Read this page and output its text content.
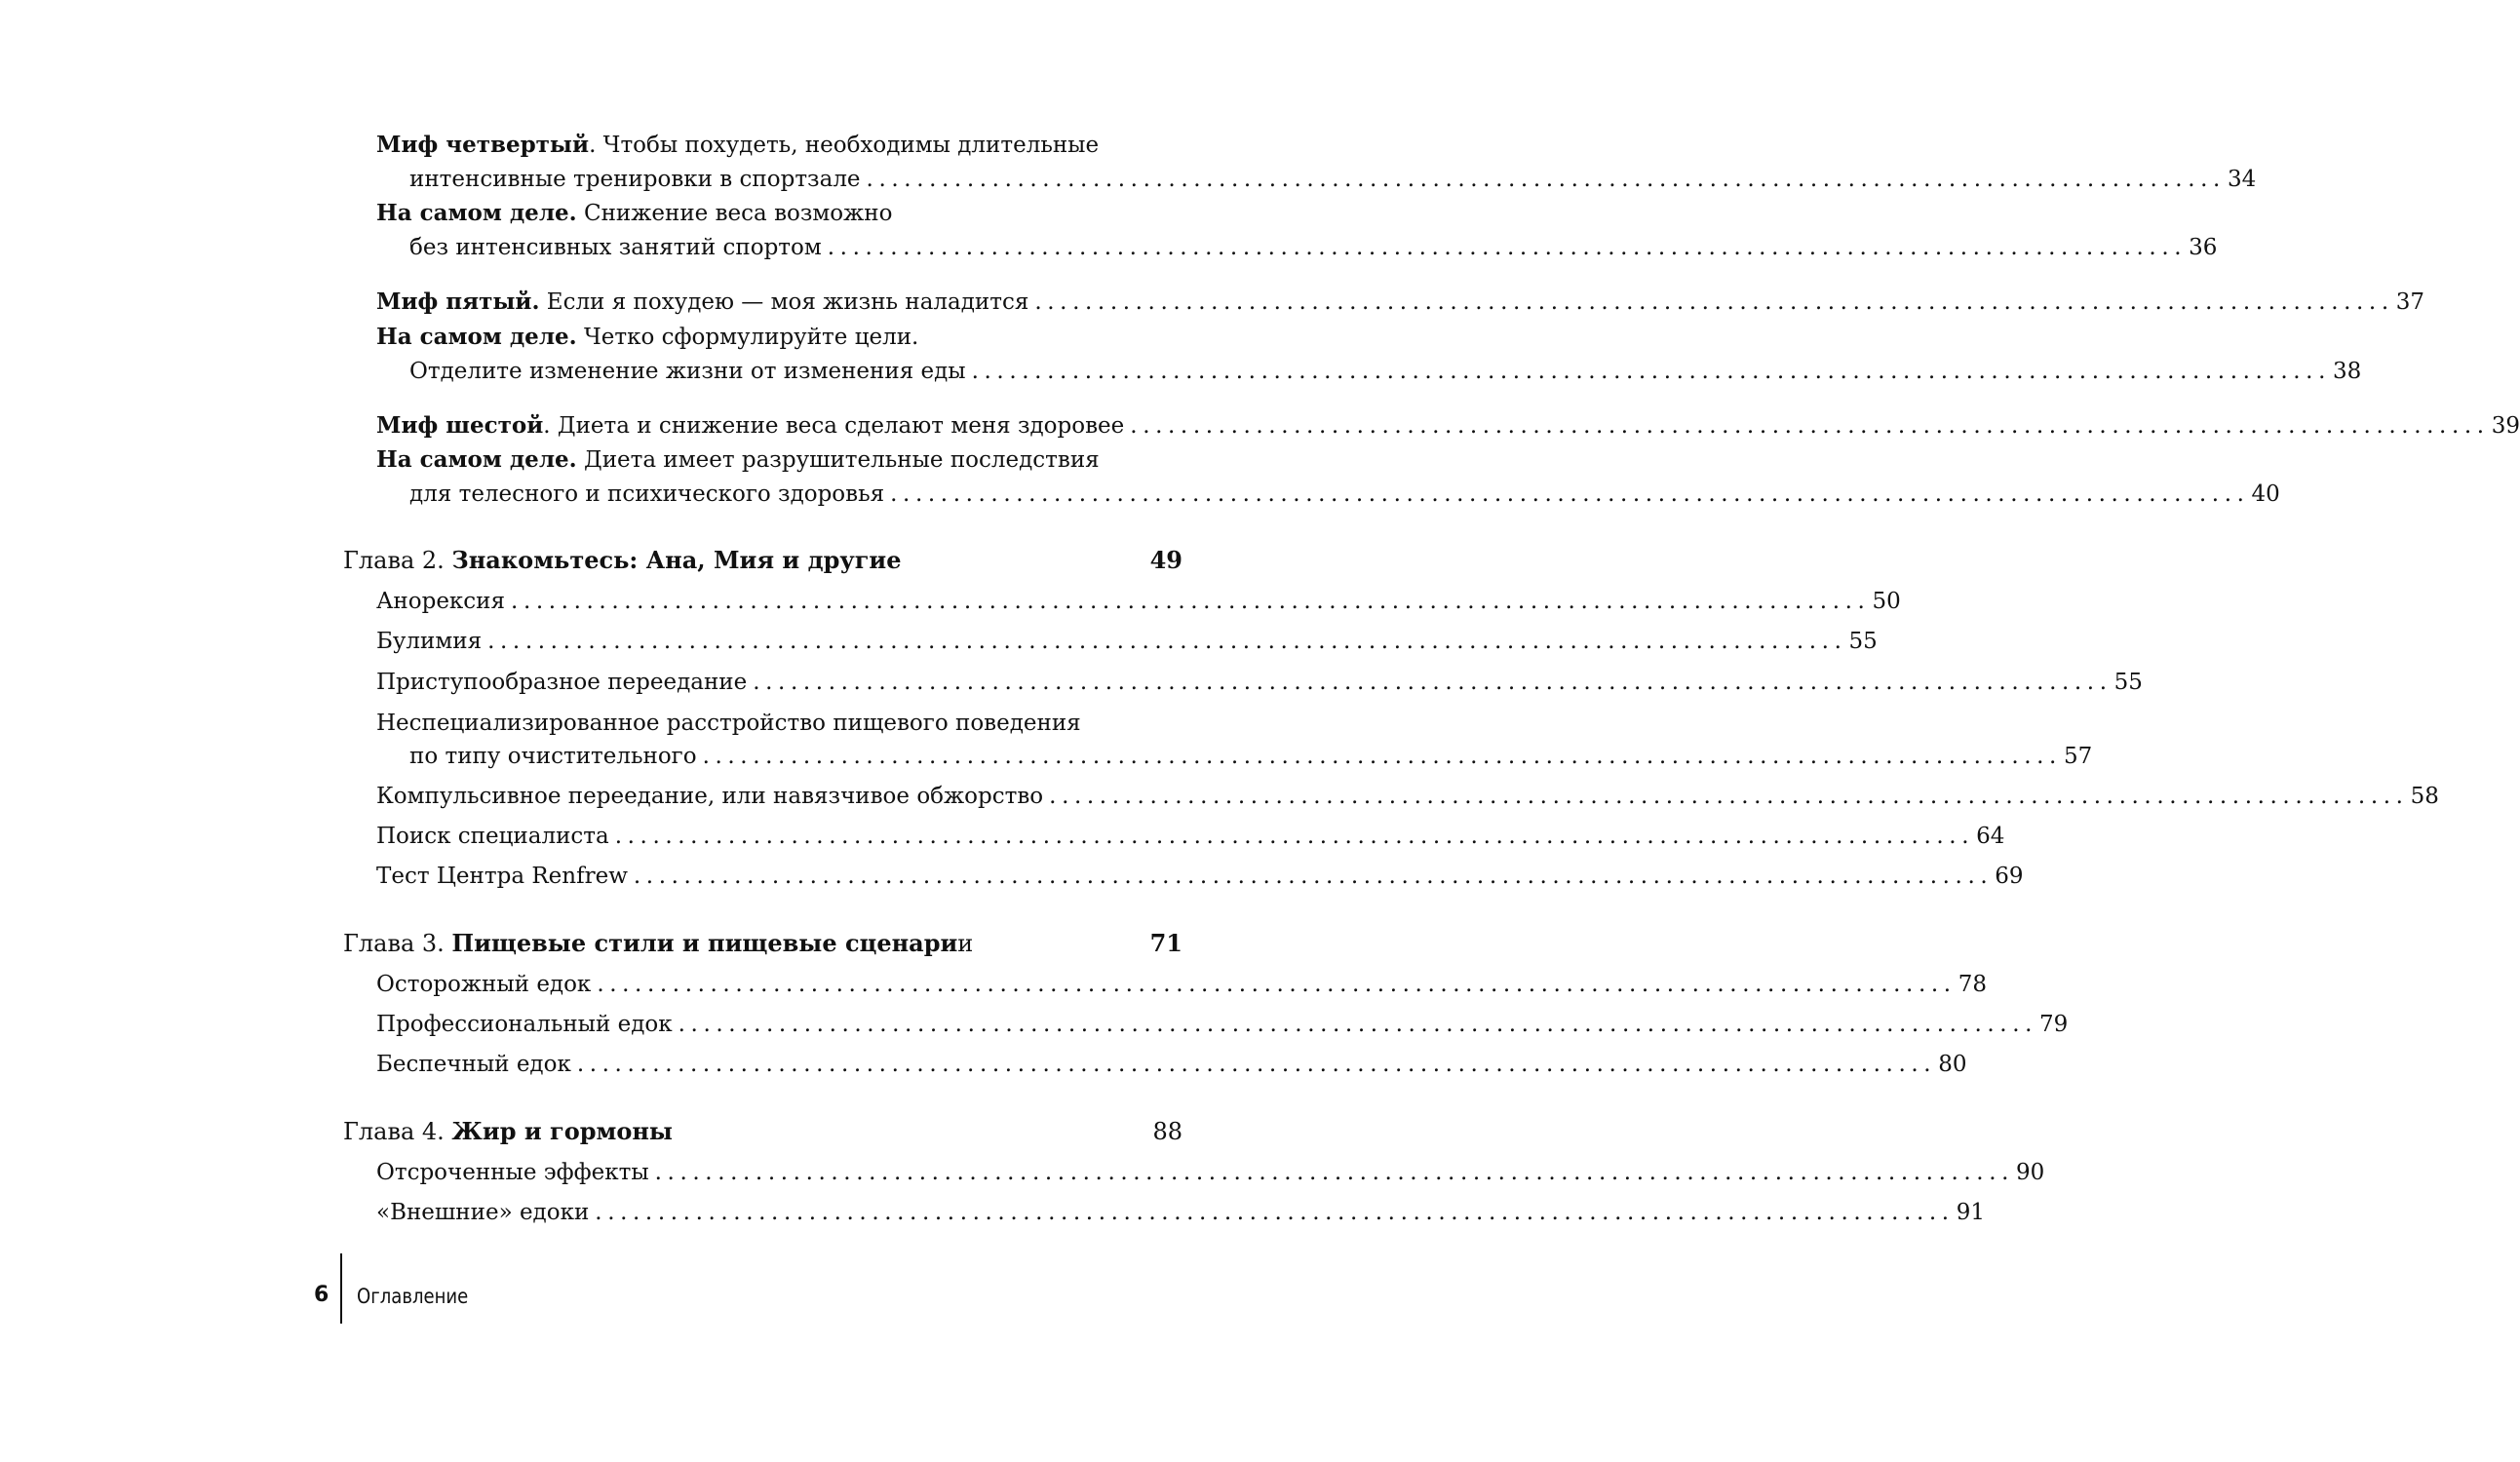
Миф четвертый. Чтобы похудеть, необходимы длительные
интенсивные тренировки в спортзале ............................................................................................................ 34
На самом деле. Снижение веса возможно
без интенсивных занятий спортом ............................................................................................................ 36
Миф пятый. Если я похудею — моя жизнь наладится ............................................................................................................ 37
На самом деле. Четко сформулируйте цели.
Отделите изменение жизни от изменения еды ............................................................................................................ 38
Миф шестой. Диета и снижение веса сделают меня здоровее ............................................................................................................ 39
На самом деле. Диета имеет разрушительные последствия
для телесного и психического здоровья ............................................................................................................ 40
Глава 2. Знакомьтесь: Ана, Мия и другие	49
Анорексия ............................................................................................................ 50
Булимия ............................................................................................................ 55
Приступообразное переедание ............................................................................................................ 55
Неспециализированное расстройство пищевого поведения
по типу очистительного ............................................................................................................ 57
Компульсивное переедание, или навязчивое обжорство ............................................................................................................ 58
Поиск специалиста ............................................................................................................ 64
Тест Центра Renfrew ............................................................................................................ 69
Глава 3. Пищевые стили и пищевые сценарии	71
Осторожный едок ............................................................................................................ 78
Профессиональный едок ............................................................................................................ 79
Беспечный едок ............................................................................................................ 80
Глава 4. Жир и гормоны	88
Отсроченные эффекты ............................................................................................................ 90
«Внешние» едоки ............................................................................................................ 91
6 Оглавление
